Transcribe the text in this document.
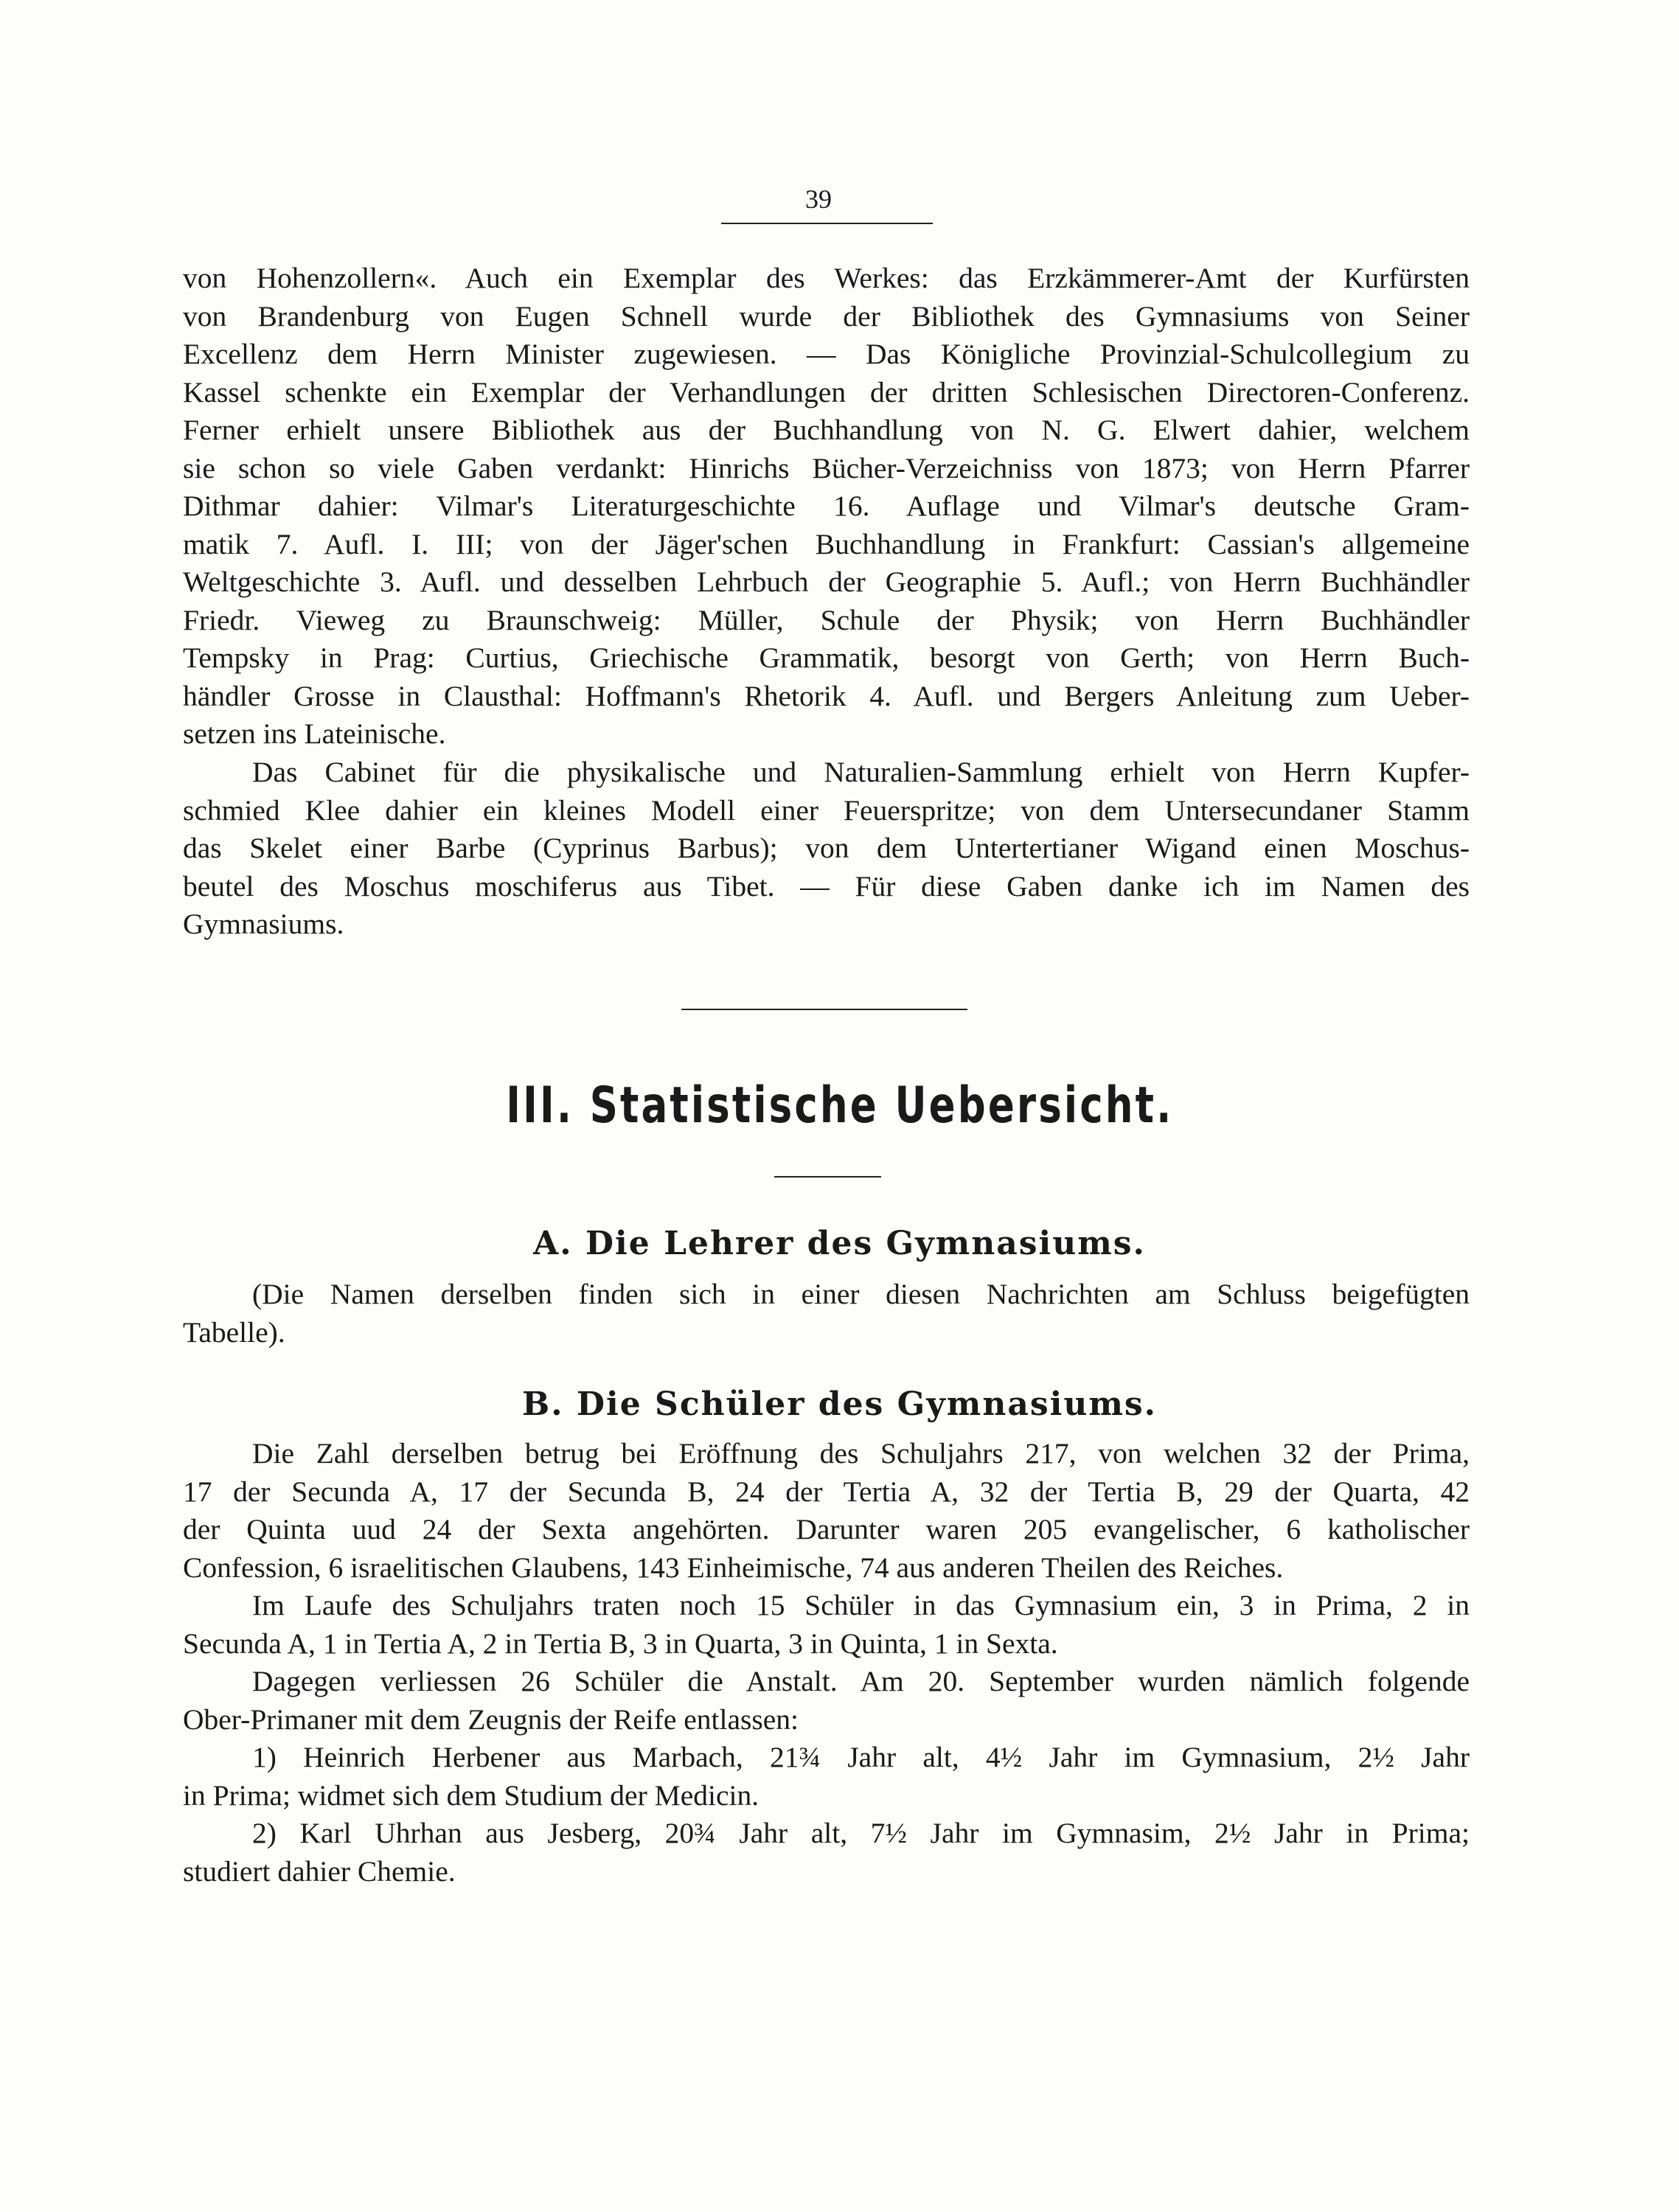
39

von Hohenzollern«. Auch ein Exemplar des Werkes: das Erzkämmerer-Amt der Kurfürsten

von Brandenburg von Eugen Schnell wurde der Bibliothek des Gymnasiums von Seiner

Excellenz dem Herrn Minister zugewiesen. — Das Königliche Provinzial-Schulcollegium zu

Kassel schenkte ein Exemplar der Verhandlungen der dritten Schlesischen Directoren-Conferenz.

Ferner erhielt unsere Bibliothek aus der Buchhandlung von N. G. Elwert dahier, welchem

sie schon so viele Gaben verdankt: Hinrichs Bücher-Verzeichniss von 1873; von Herrn Pfarrer

Dithmar dahier: Vilmar's Literaturgeschichte 16. Auflage und Vilmar's deutsche Gram-

matik 7. Aufl. I. III; von der Jäger'schen Buchhandlung in Frankfurt: Cassian's allgemeine

Weltgeschichte 3. Aufl. und desselben Lehrbuch der Geographie 5. Aufl.; von Herrn Buchhändler

Friedr. Vieweg zu Braunschweig: Müller, Schule der Physik; von Herrn Buchhändler

Tempsky in Prag: Curtius, Griechische Grammatik, besorgt von Gerth; von Herrn Buch-

händler Grosse in Clausthal: Hoffmann's Rhetorik 4. Aufl. und Bergers Anleitung zum Ueber-

setzen ins Lateinische.

Das Cabinet für die physikalische und Naturalien-Sammlung erhielt von Herrn Kupfer-

schmied Klee dahier ein kleines Modell einer Feuerspritze; von dem Untersecundaner Stamm

das Skelet einer Barbe (Cyprinus Barbus); von dem Untertertianer Wigand einen Moschus-

beutel des Moschus moschiferus aus Tibet. — Für diese Gaben danke ich im Namen des

Gymnasiums.

III. Statistische Uebersicht.
A. Die Lehrer des Gymnasiums.

(Die Namen derselben finden sich in einer diesen Nachrichten am Schluss beigefügten

Tabelle).

B. Die Schüler des Gymnasiums.

Die Zahl derselben betrug bei Eröffnung des Schuljahrs 217, von welchen 32 der Prima,

17 der Secunda A, 17 der Secunda B, 24 der Tertia A, 32 der Tertia B, 29 der Quarta, 42

der Quinta uud 24 der Sexta angehörten. Darunter waren 205 evangelischer, 6 katholischer

Confession, 6 israelitischen Glaubens, 143 Einheimische, 74 aus anderen Theilen des Reiches.

Im Laufe des Schuljahrs traten noch 15 Schüler in das Gymnasium ein, 3 in Prima, 2 in

Secunda A, 1 in Tertia A, 2 in Tertia B, 3 in Quarta, 3 in Quinta, 1 in Sexta.

Dagegen verliessen 26 Schüler die Anstalt. Am 20. September wurden nämlich folgende

Ober-Primaner mit dem Zeugnis der Reife entlassen:

1) Heinrich Herbener aus Marbach, 21¾ Jahr alt, 4½ Jahr im Gymnasium, 2½ Jahr

in Prima; widmet sich dem Studium der Medicin.

2) Karl Uhrhan aus Jesberg, 20¾ Jahr alt, 7½ Jahr im Gymnasim, 2½ Jahr in Prima;

studiert dahier Chemie.
